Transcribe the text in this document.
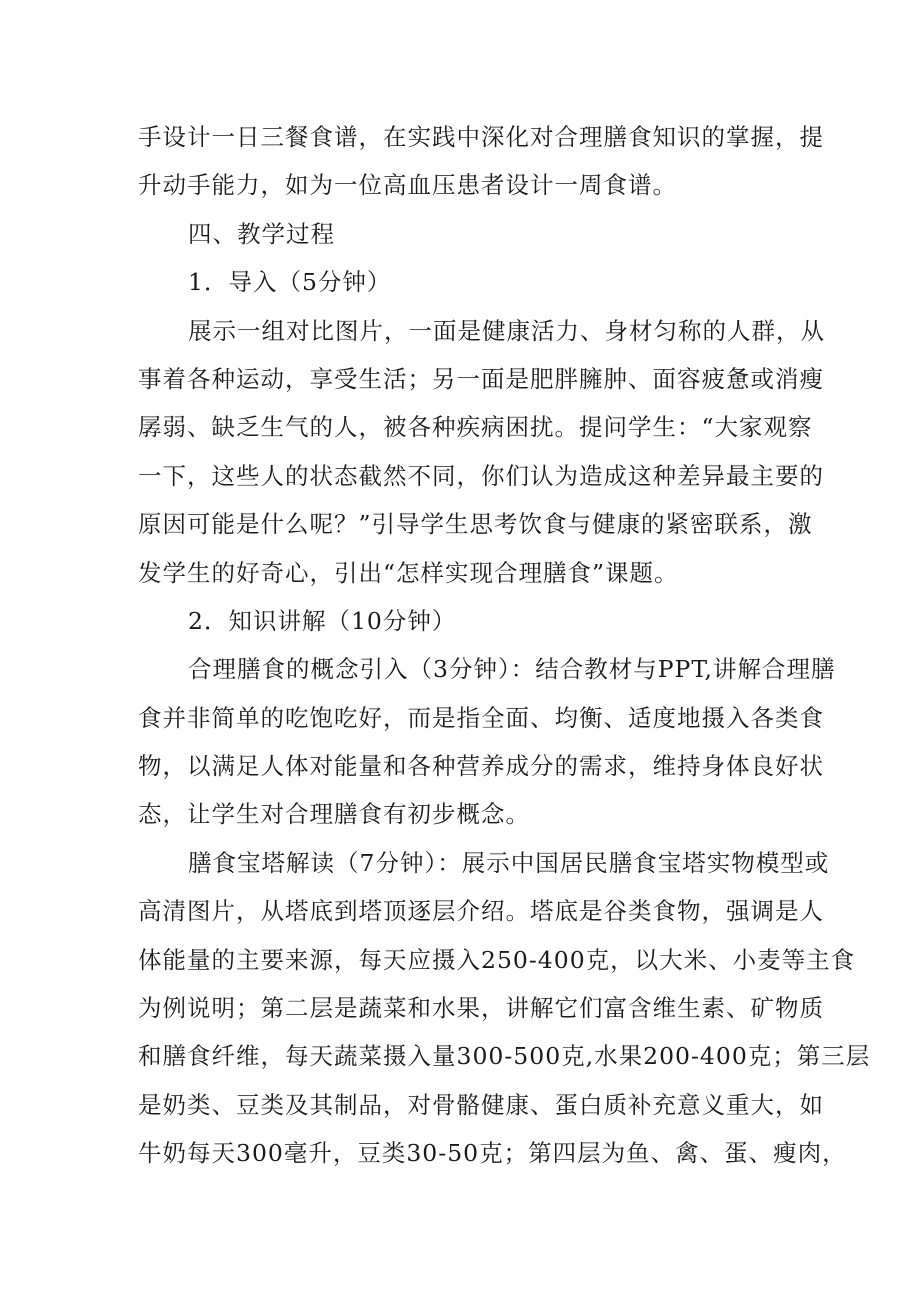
手设计一日三餐食谱，在实践中深化对合理膳食知识的掌握，提
升动手能力，如为一位高血压患者设计一周食谱。
四、教学过程
1．导入（5分钟）
展示一组对比图片，一面是健康活力、身材匀称的人群，从
事着各种运动，享受生活；另一面是肥胖臃肿、面容疲惫或消瘦
孱弱、缺乏生气的人，被各种疾病困扰。提问学生：“大家观察
一下，这些人的状态截然不同，你们认为造成这种差异最主要的
原因可能是什么呢？”引导学生思考饮食与健康的紧密联系，激
发学生的好奇心，引出“怎样实现合理膳食”课题。
2．知识讲解（10分钟）
合理膳食的概念引入（3分钟）：结合教材与PPT,讲解合理膳
食并非简单的吃饱吃好，而是指全面、均衡、适度地摄入各类食
物，以满足人体对能量和各种营养成分的需求，维持身体良好状
态，让学生对合理膳食有初步概念。
膳食宝塔解读（7分钟）：展示中国居民膳食宝塔实物模型或
高清图片，从塔底到塔顶逐层介绍。塔底是谷类食物，强调是人
体能量的主要来源，每天应摄入250-400克，以大米、小麦等主食
为例说明；第二层是蔬菜和水果，讲解它们富含维生素、矿物质
和膳食纤维，每天蔬菜摄入量300-500克,水果200-400克；第三层
是奶类、豆类及其制品，对骨骼健康、蛋白质补充意义重大，如
牛奶每天300毫升，豆类30-50克；第四层为鱼、禽、蛋、瘦肉，
